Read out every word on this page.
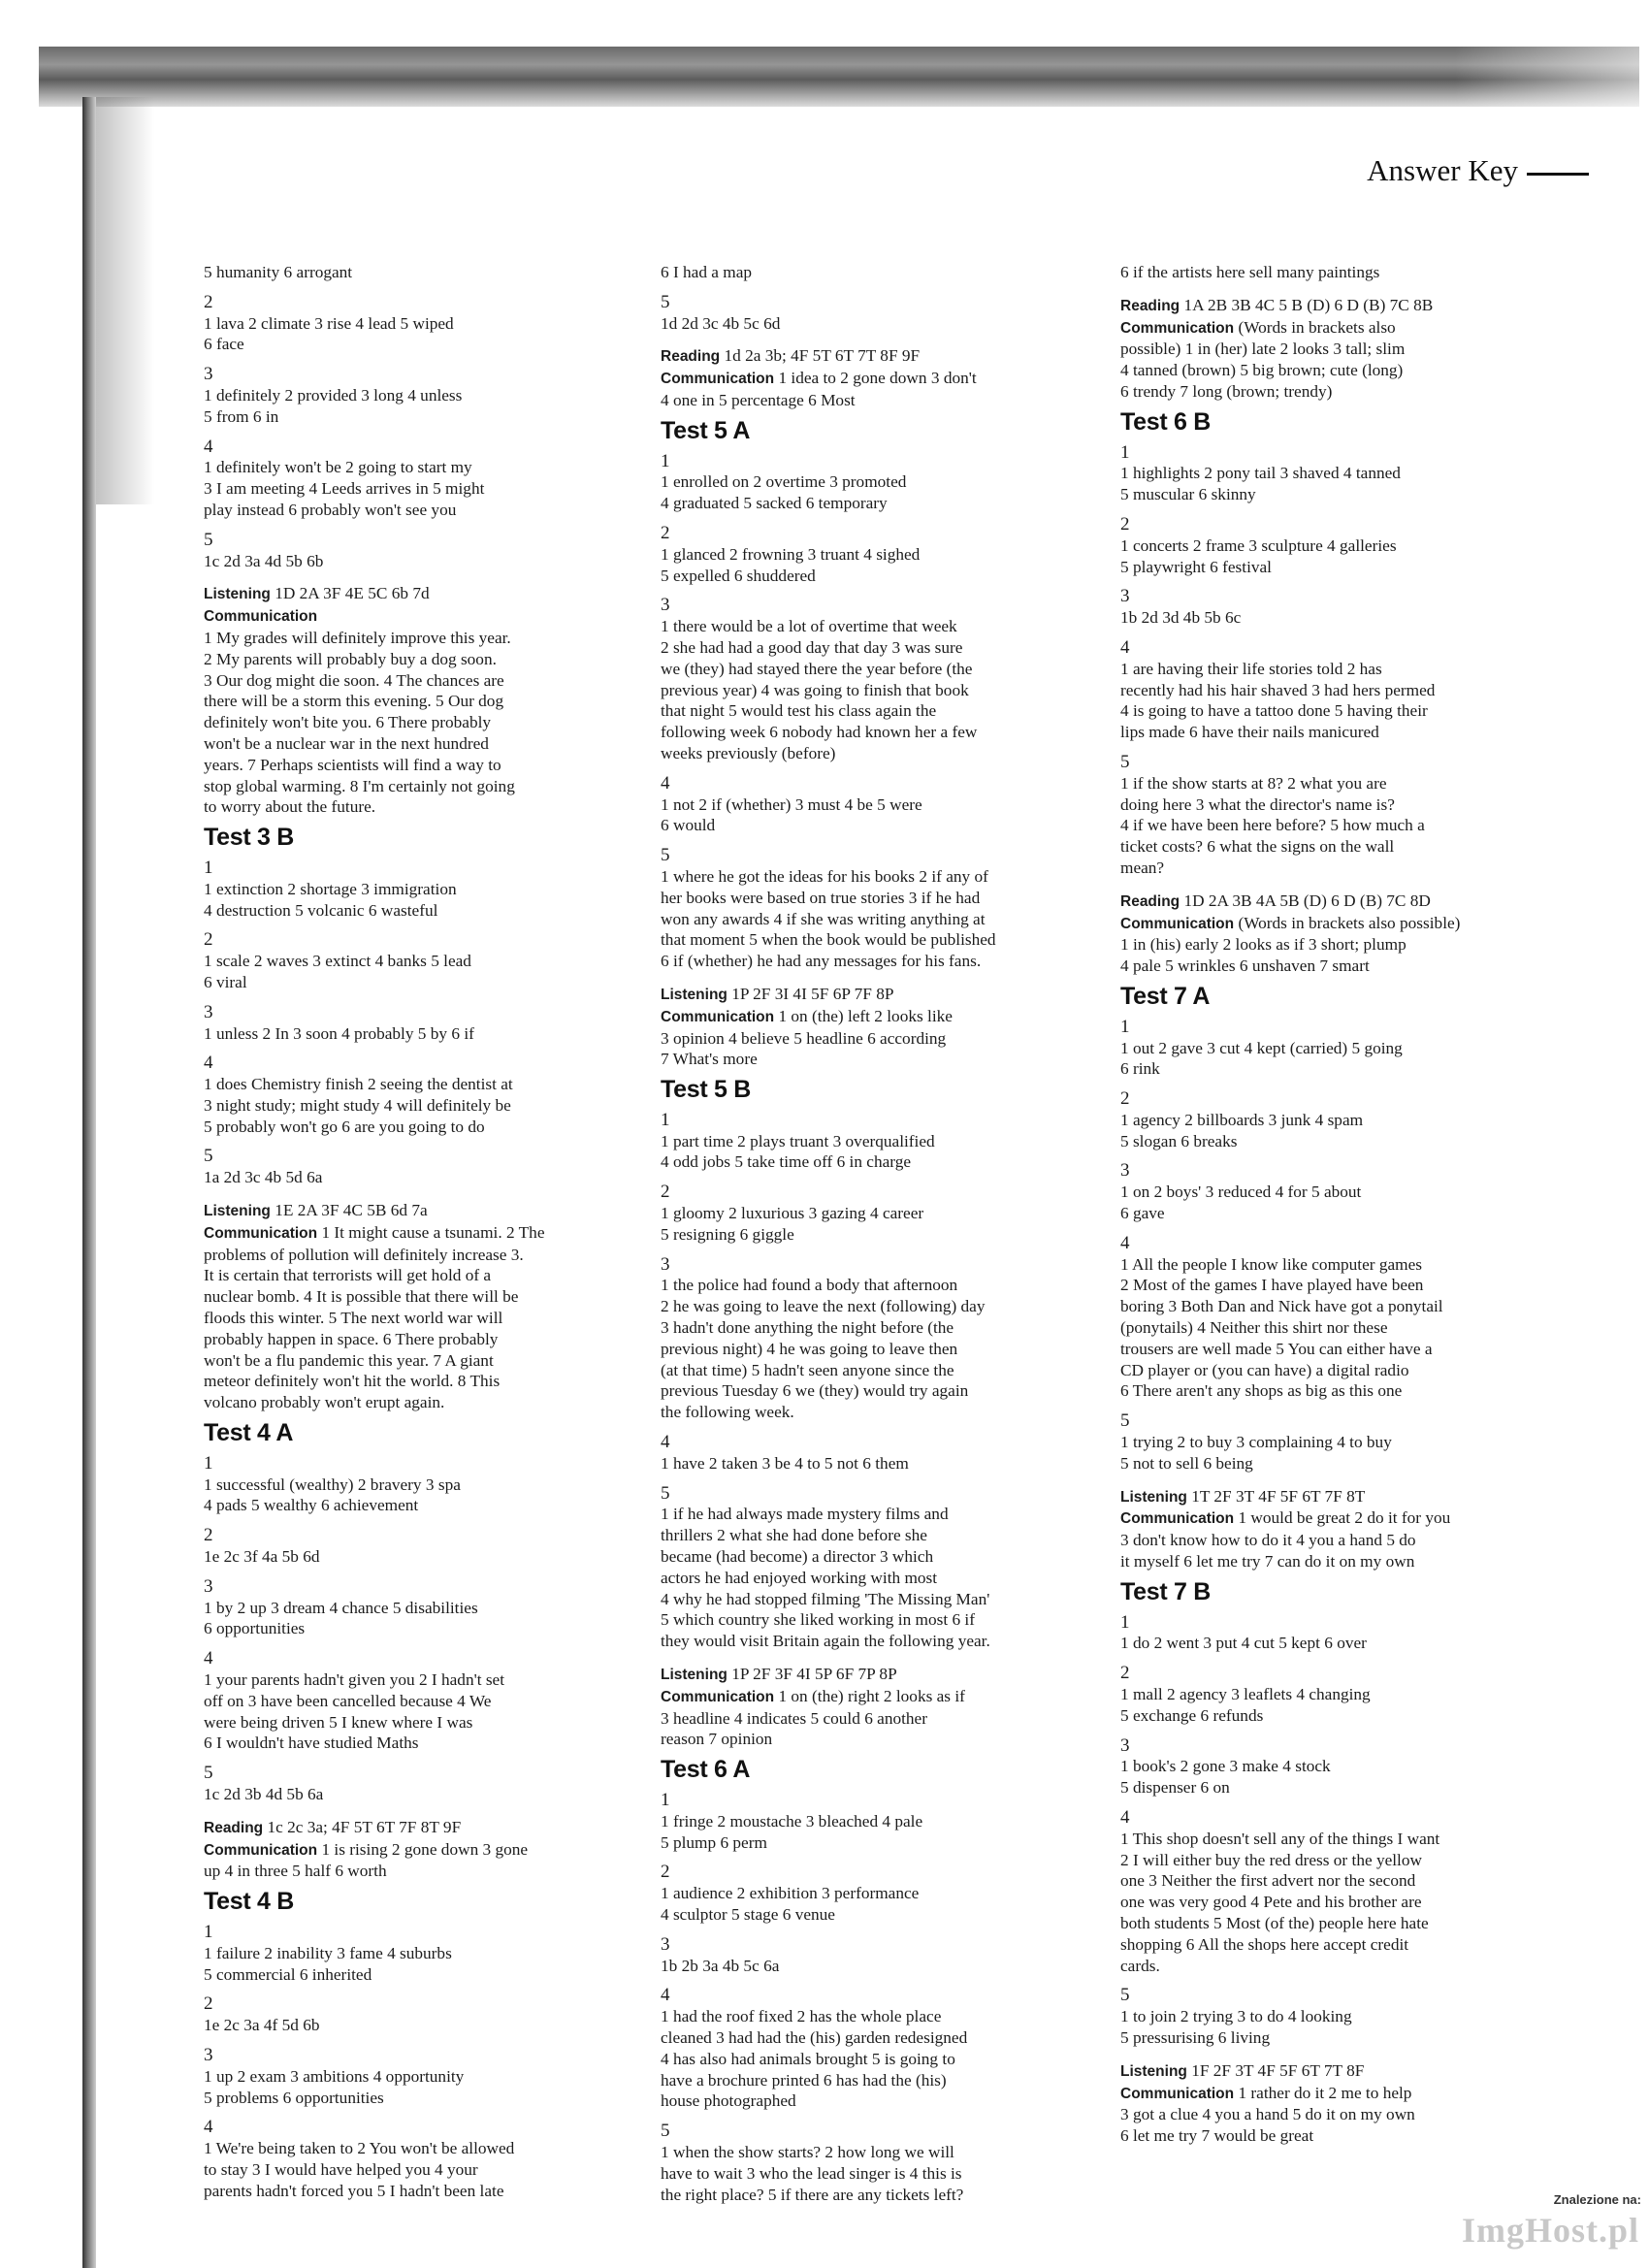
Answer Key
5 humanity 6 arrogant
2
1 lava 2 climate 3 rise 4 lead 5 wiped
6 face
3
1 definitely 2 provided 3 long 4 unless
5 from 6 in
4
1 definitely won't be 2 going to start my
3 I am meeting 4 Leeds arrives in 5 might
play instead 6 probably won't see you
5
1c 2d 3a 4d 5b 6b
Listening 1D 2A 3F 4E 5C 6b 7d
Communication
1 My grades will definitely improve this year.
2 My parents will probably buy a dog soon.
3 Our dog might die soon. 4 The chances are
there will be a storm this evening. 5 Our dog
definitely won't bite you. 6 There probably
won't be a nuclear war in the next hundred
years. 7 Perhaps scientists will find a way to
stop global warming. 8 I'm certainly not going
to worry about the future.
Test 3 B
1
1 extinction 2 shortage 3 immigration
4 destruction 5 volcanic 6 wasteful
2
1 scale 2 waves 3 extinct 4 banks 5 lead
6 viral
3
1 unless 2 In 3 soon 4 probably 5 by 6 if
4
1 does Chemistry finish 2 seeing the dentist at
3 night study; might study 4 will definitely be
5 probably won't go 6 are you going to do
5
1a 2d 3c 4b 5d 6a
Listening 1E 2A 3F 4C 5B 6d 7a
Communication 1 It might cause a tsunami. 2 The
problems of pollution will definitely increase 3.
It is certain that terrorists will get hold of a
nuclear bomb. 4 It is possible that there will be
floods this winter. 5 The next world war will
probably happen in space. 6 There probably
won't be a flu pandemic this year. 7 A giant
meteor definitely won't hit the world. 8 This
volcano probably won't erupt again.
Test 4 A
1
1 successful (wealthy) 2 bravery 3 spa
4 pads 5 wealthy 6 achievement
2
1e 2c 3f 4a 5b 6d
3
1 by 2 up 3 dream 4 chance 5 disabilities
6 opportunities
4
1 your parents hadn't given you 2 I hadn't set
off on 3 have been cancelled because 4 We
were being driven 5 I knew where I was
6 I wouldn't have studied Maths
5
1c 2d 3b 4d 5b 6a
Reading 1c 2c 3a; 4F 5T 6T 7F 8T 9F
Communication 1 is rising 2 gone down 3 gone
up 4 in three 5 half 6 worth
Test 4 B
1
1 failure 2 inability 3 fame 4 suburbs
5 commercial 6 inherited
2
1e 2c 3a 4f 5d 6b
3
1 up 2 exam 3 ambitions 4 opportunity
5 problems 6 opportunities
4
1 We're being taken to 2 You won't be allowed
to stay 3 I would have helped you 4 your
parents hadn't forced you 5 I hadn't been late
6 I had a map
5
1d 2d 3c 4b 5c 6d
Reading 1d 2a 3b; 4F 5T 6T 7T 8F 9F
Communication 1 idea to 2 gone down 3 don't
4 one in 5 percentage 6 Most
Test 5 A
1
1 enrolled on 2 overtime 3 promoted
4 graduated 5 sacked 6 temporary
2
1 glanced 2 frowning 3 truant 4 sighed
5 expelled 6 shuddered
3
1 there would be a lot of overtime that week
2 she had had a good day that day 3 was sure
we (they) had stayed there the year before (the
previous year) 4 was going to finish that book
that night 5 would test his class again the
following week 6 nobody had known her a few
weeks previously (before)
4
1 not 2 if (whether) 3 must 4 be 5 were
6 would
5
1 where he got the ideas for his books 2 if any of
her books were based on true stories 3 if he had
won any awards 4 if she was writing anything at
that moment 5 when the book would be published
6 if (whether) he had any messages for his fans.
Listening 1P 2F 3I 4I 5F 6P 7F 8P
Communication 1 on (the) left 2 looks like
3 opinion 4 believe 5 headline 6 according
7 What's more
Test 5 B
1
1 part time 2 plays truant 3 overqualified
4 odd jobs 5 take time off 6 in charge
2
1 gloomy 2 luxurious 3 gazing 4 career
5 resigning 6 giggle
3
1 the police had found a body that afternoon
2 he was going to leave the next (following) day
3 hadn't done anything the night before (the
previous night) 4 he was going to leave then
(at that time) 5 hadn't seen anyone since the
previous Tuesday 6 we (they) would try again
the following week.
4
1 have 2 taken 3 be 4 to 5 not 6 them
5
1 if he had always made mystery films and
thrillers 2 what she had done before she
became (had become) a director 3 which
actors he had enjoyed working with most
4 why he had stopped filming 'The Missing Man'
5 which country she liked working in most 6 if
they would visit Britain again the following year.
Listening 1P 2F 3F 4I 5P 6F 7P 8P
Communication 1 on (the) right 2 looks as if
3 headline 4 indicates 5 could 6 another
reason 7 opinion
Test 6 A
1
1 fringe 2 moustache 3 bleached 4 pale
5 plump 6 perm
2
1 audience 2 exhibition 3 performance
4 sculptor 5 stage 6 venue
3
1b 2b 3a 4b 5c 6a
4
1 had the roof fixed 2 has the whole place
cleaned 3 had had the (his) garden redesigned
4 has also had animals brought 5 is going to
have a brochure printed 6 has had the (his)
house photographed
5
1 when the show starts? 2 how long we will
have to wait 3 who the lead singer is 4 this is
the right place? 5 if there are any tickets left?
6 if the artists here sell many paintings
Reading 1A 2B 3B 4C 5 B (D) 6 D (B) 7C 8B
Communication (Words in brackets also
possible) 1 in (her) late 2 looks 3 tall; slim
4 tanned (brown) 5 big brown; cute (long)
6 trendy 7 long (brown; trendy)
Test 6 B
1
1 highlights 2 pony tail 3 shaved 4 tanned
5 muscular 6 skinny
2
1 concerts 2 frame 3 sculpture 4 galleries
5 playwright 6 festival
3
1b 2d 3d 4b 5b 6c
4
1 are having their life stories told 2 has
recently had his hair shaved 3 had hers permed
4 is going to have a tattoo done 5 having their
lips made 6 have their nails manicured
5
1 if the show starts at 8? 2 what you are
doing here 3 what the director's name is?
4 if we have been here before? 5 how much a
ticket costs? 6 what the signs on the wall
mean?
Reading 1D 2A 3B 4A 5B (D) 6 D (B) 7C 8D
Communication (Words in brackets also possible)
1 in (his) early 2 looks as if 3 short; plump
4 pale 5 wrinkles 6 unshaven 7 smart
Test 7 A
1
1 out 2 gave 3 cut 4 kept (carried) 5 going
6 rink
2
1 agency 2 billboards 3 junk 4 spam
5 slogan 6 breaks
3
1 on 2 boys' 3 reduced 4 for 5 about
6 gave
4
1 All the people I know like computer games
2 Most of the games I have played have been
boring 3 Both Dan and Nick have got a ponytail
(ponytails) 4 Neither this shirt nor these
trousers are well made 5 You can either have a
CD player or (you can have) a digital radio
6 There aren't any shops as big as this one
5
1 trying 2 to buy 3 complaining 4 to buy
5 not to sell 6 being
Listening 1T 2F 3T 4F 5F 6T 7F 8T
Communication 1 would be great 2 do it for you
3 don't know how to do it 4 you a hand 5 do
it myself 6 let me try 7 can do it on my own
Test 7 B
1
1 do 2 went 3 put 4 cut 5 kept 6 over
2
1 mall 2 agency 3 leaflets 4 changing
5 exchange 6 refunds
3
1 book's 2 gone 3 make 4 stock
5 dispenser 6 on
4
1 This shop doesn't sell any of the things I want
2 I will either buy the red dress or the yellow
one 3 Neither the first advert nor the second
one was very good 4 Pete and his brother are
both students 5 Most (of the) people here hate
shopping 6 All the shops here accept credit
cards.
5
1 to join 2 trying 3 to do 4 looking
5 pressurising 6 living
Listening 1F 2F 3T 4F 5F 6T 7T 8F
Communication 1 rather do it 2 me to help
3 got a clue 4 you a hand 5 do it on my own
6 let me try 7 would be great
Znalezione na:
ImgHost.pl
